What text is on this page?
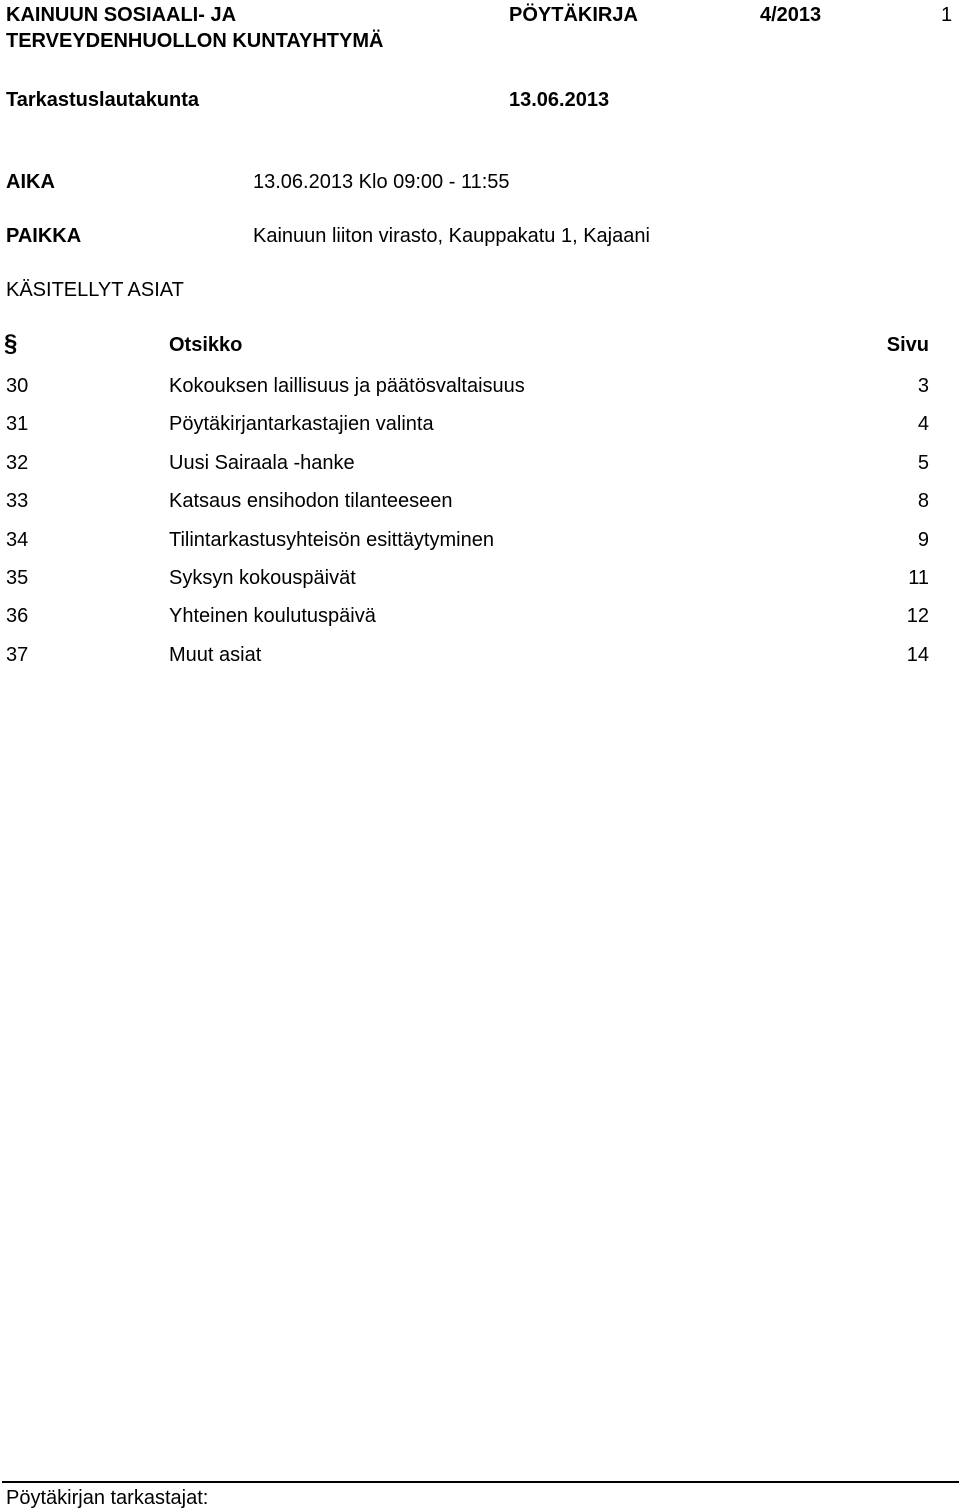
KAINUUN SOSIAALI- JA
TERVEYDENHUOLLON KUNTAYHTYMÄ
PÖYTÄKIRJA	4/2013	1
Tarkastuslautakunta	13.06.2013
AIKA	13.06.2013 Klo 09:00 - 11:55
PAIKKA	Kainuun liiton virasto, Kauppakatu 1, Kajaani
KÄSITELLYT ASIAT
§	Otsikko	Sivu
30	Kokouksen laillisuus ja päätösvaltaisuus	3
31	Pöytäkirjantarkastajien valinta	4
32	Uusi Sairaala -hanke	5
33	Katsaus ensihodon tilanteeseen	8
34	Tilintarkastusyhteisön esittäytyminen	9
35	Syksyn kokouspäivät	11
36	Yhteinen koulutuspäivä	12
37	Muut asiat	14
Pöytäkirjan tarkastajat:
